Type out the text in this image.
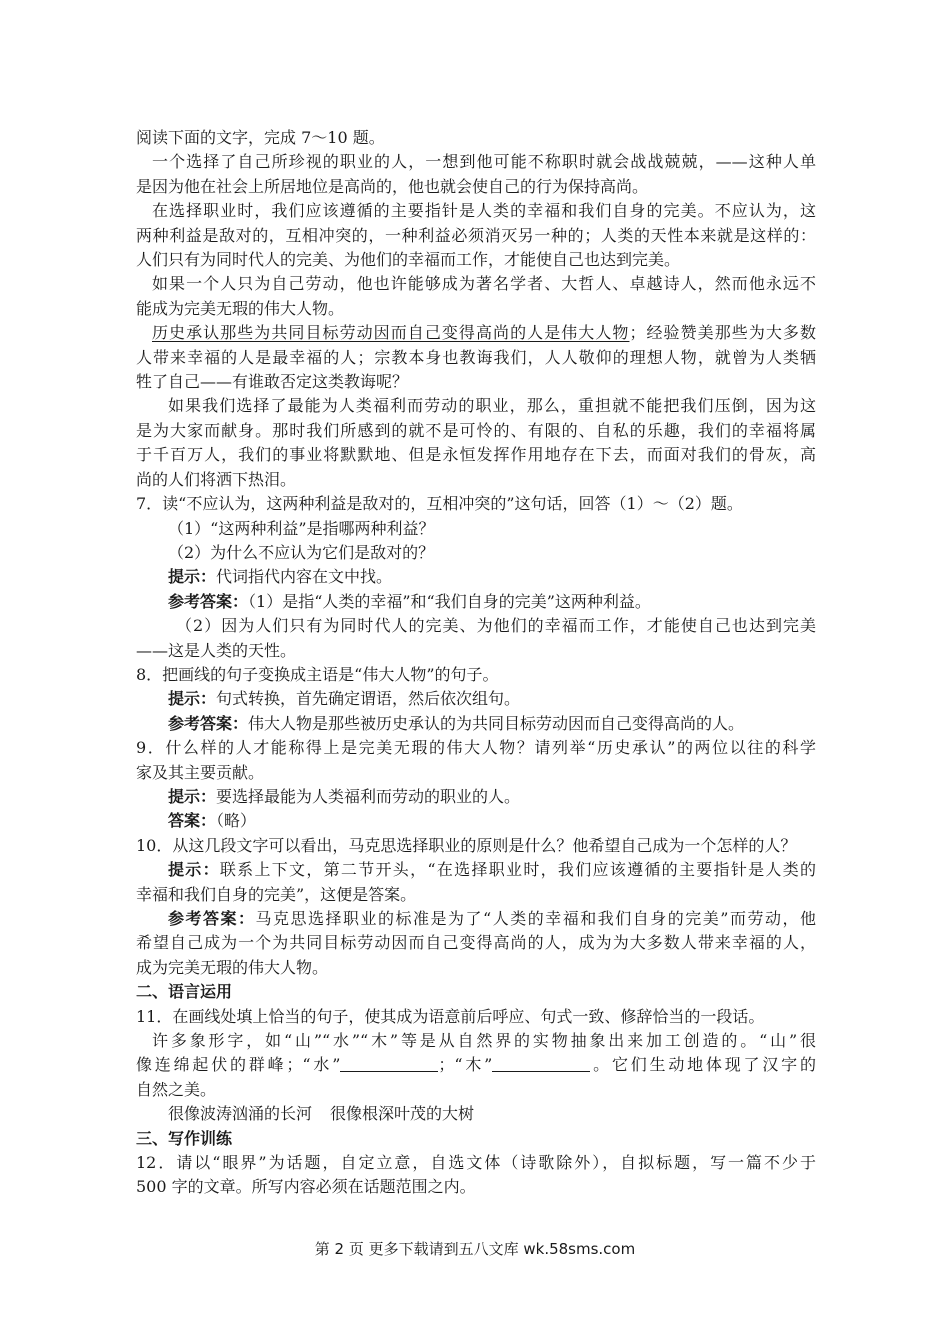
阅读下面的文字，完成 7～10 题。
一个选择了自己所珍视的职业的人，一想到他可能不称职时就会战战兢兢，——这种人单
是因为他在社会上所居地位是高尚的，他也就会使自己的行为保持高尚。
在选择职业时，我们应该遵循的主要指针是人类的幸福和我们自身的完美。不应认为，这
两种利益是敌对的，互相冲突的，一种利益必须消灭另一种的；人类的天性本来就是这样的：
人们只有为同时代人的完美、为他们的幸福而工作，才能使自己也达到完美。
如果一个人只为自己劳动，他也许能够成为著名学者、大哲人、卓越诗人，然而他永远不
能成为完美无瑕的伟大人物。
历史承认那些为共同目标劳动因而自己变得高尚的人是伟大人物；经验赞美那些为大多数
人带来幸福的人是最幸福的人；宗教本身也教诲我们，人人敬仰的理想人物，就曾为人类牺
牲了自己——有谁敢否定这类教诲呢？
如果我们选择了最能为人类福利而劳动的职业，那么，重担就不能把我们压倒，因为这
是为大家而献身。那时我们所感到的就不是可怜的、有限的、自私的乐趣，我们的幸福将属
于千百万人，我们的事业将默默地、但是永恒发挥作用地存在下去，而面对我们的骨灰，高
尚的人们将洒下热泪。
7．读“不应认为，这两种利益是敌对的，互相冲突的”这句话，回答（1）～（2）题。
（1）“这两种利益”是指哪两种利益？
（2）为什么不应认为它们是敌对的？
提示：代词指代内容在文中找。
参考答案：（1）是指“人类的幸福”和“我们自身的完美”这两种利益。
（2）因为人们只有为同时代人的完美、为他们的幸福而工作，才能使自己也达到完美
——这是人类的天性。
8．把画线的句子变换成主语是“伟大人物”的句子。
提示：句式转换，首先确定谓语，然后依次组句。
参考答案：伟大人物是那些被历史承认的为共同目标劳动因而自己变得高尚的人。
9．什么样的人才能称得上是完美无瑕的伟大人物？请列举“历史承认”的两位以往的科学
家及其主要贡献。
提示：要选择最能为人类福利而劳动的职业的人。
答案：（略）
10．从这几段文字可以看出，马克思选择职业的原则是什么？他希望自己成为一个怎样的人？
提示：联系上下文，第二节开头，“在选择职业时，我们应该遵循的主要指针是人类的
幸福和我们自身的完美”，这便是答案。
参考答案：马克思选择职业的标准是为了“人类的幸福和我们自身的完美”而劳动，他
希望自己成为一个为共同目标劳动因而自己变得高尚的人，成为为大多数人带来幸福的人，
成为完美无瑕的伟大人物。
二、语言运用
11．在画线处填上恰当的句子，使其成为语意前后呼应、句式一致、修辞恰当的一段话。
许多象形字，如“山”“水”“木”等是从自然界的实物抽象出来加工创造的。“山”很
像连绵起伏的群峰；“水”	；“木”	。它们生动地体现了汉字的
自然之美。
很像波涛汹涌的长河 很像根深叶茂的大树
三、写作训练
12．请以“眼界”为话题，自定立意，自选文体（诗歌除外），自拟标题，写一篇不少于
500 字的文章。所写内容必须在话题范围之内。
第 2 页 更多下载请到五八文库 wk.58sms.com
